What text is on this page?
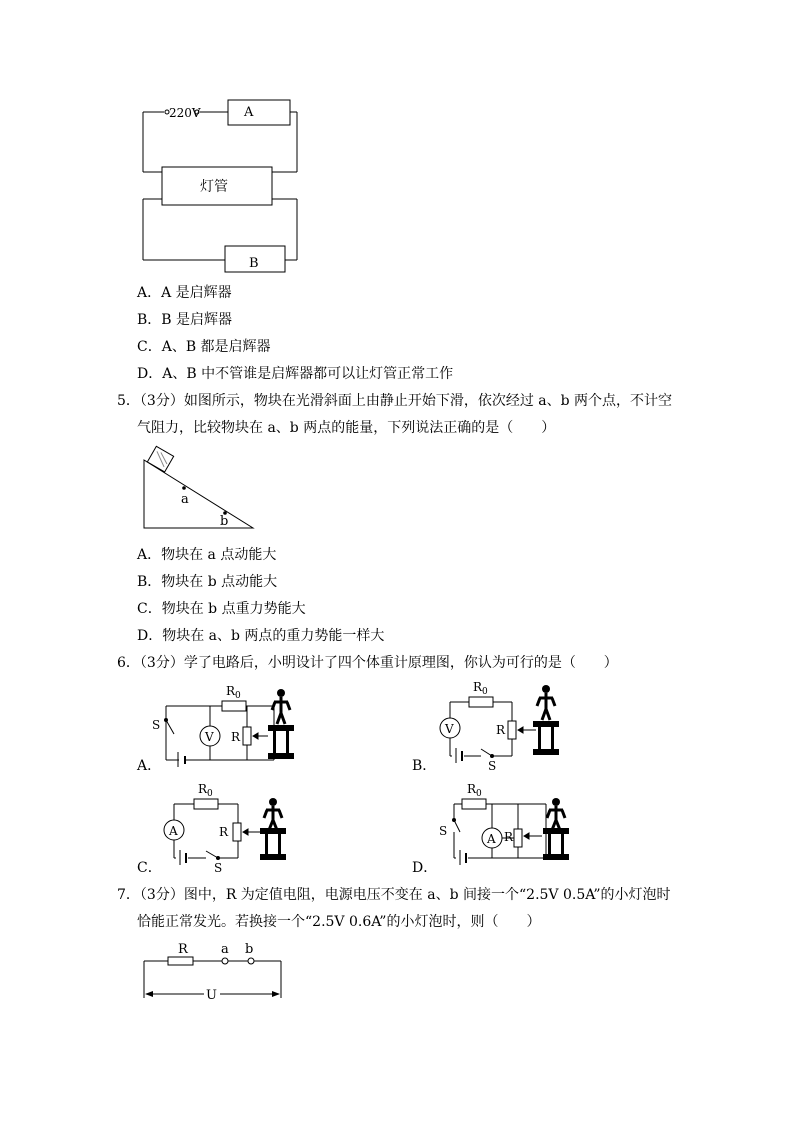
220V	A
灯管
B
A．A 是启辉器
B．B 是启辉器
C．A、B 都是启辉器
D．A、B 中不管谁是启辉器都可以让灯管正常工作
5．（3分）如图所示，物块在光滑斜面上由静止开始下滑，依次经过 a、b 两个点，不计空
气阻力，比较物块在 a、b 两点的能量，下列说法正确的是（　　）
a
b
A．物块在 a 点动能大
B．物块在 b 点动能大
C．物块在 b 点重力势能大
D．物块在 a、b 两点的重力势能一样大
6．（3分）学了电路后，小明设计了四个体重计原理图，你认为可行的是（　　）
A．
S
V R
$R_0$
B．
V	R
S
$R_0$
C．
A	R
S
$R_0$
D．
S
A R
$R_0$
7．（3分）图中，R 为定值电阻，电源电压不变在 a、b 间接一个“2.5V 0.5A”的小灯泡时
恰能正常发光。若换接一个“2.5V 0.6A”的小灯泡时，则（　　）
R	a b
U
